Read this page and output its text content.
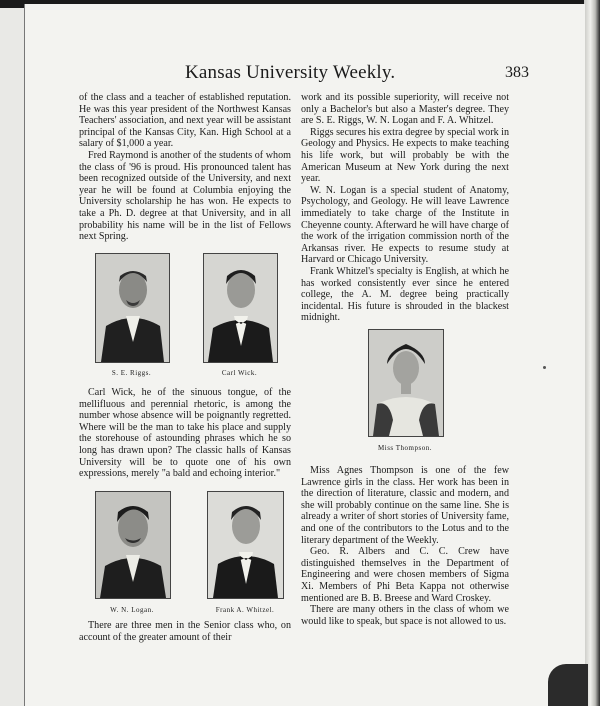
Kansas University Weekly.	383

of the class and a teacher of established reputation. He was this year president of the Northwest Kansas Teachers' association, and next year will be assistant principal of the Kansas City, Kan. High School at a salary of $1,000 a year.

Fred Raymond is another of the students of whom the class of '96 is proud. His pronounced talent has been recognized outside of the University, and next year he will be found at Columbia enjoying the University scholarship he has won. He expects to take a Ph. D. degree at that University, and in all probability his name will be in the list of Fellows next Spring.

S. E. Riggs.	Carl Wick.

Carl Wick, he of the sinuous tongue, of the mellifluous and perennial rhetoric, is among the number whose absence will be poignantly regretted. Where will be the man to take his place and supply the storehouse of astounding phrases which he so long has drawn upon? The classic halls of Kansas University will be to quote one of his own expressions, merely "a bald and echoing interior."

W. N. Logan.	Frank A. Whitzel.

There are three men in the Senior class who, on account of the greater amount of their

work and its possible superiority, will receive not only a Bachelor's but also a Master's degree. They are S. E. Riggs, W. N. Logan and F. A. Whitzel.

Riggs secures his extra degree by special work in Geology and Physics. He expects to make teaching his life work, but will probably be with the American Museum at New York during the next year.

W. N. Logan is a special student of Anatomy, Psychology, and Geology. He will leave Lawrence immediately to take charge of the Institute in Cheyenne county. Afterward he will have charge of the work of the irrigation commission north of the Arkansas river. He expects to resume study at Harvard or Chicago University.

Frank Whitzel's specialty is English, at which he has worked consistently ever since he entered college, the A. M. degree being practically incidental. His future is shrouded in the blackest midnight.

Miss Thompson.

Miss Agnes Thompson is one of the few Lawrence girls in the class. Her work has been in the direction of literature, classic and modern, and she will probably continue on the same line. She is already a writer of short stories of University fame, and one of the contributors to the Lotus and to the literary department of the Weekly.

Geo. R. Albers and C. C. Crew have distinguished themselves in the Department of Engineering and were chosen members of Sigma Xi. Members of Phi Beta Kappa not otherwise mentioned are B. B. Breese and Ward Croskey.

There are many others in the class of whom we would like to speak, but space is not allowed to us.
